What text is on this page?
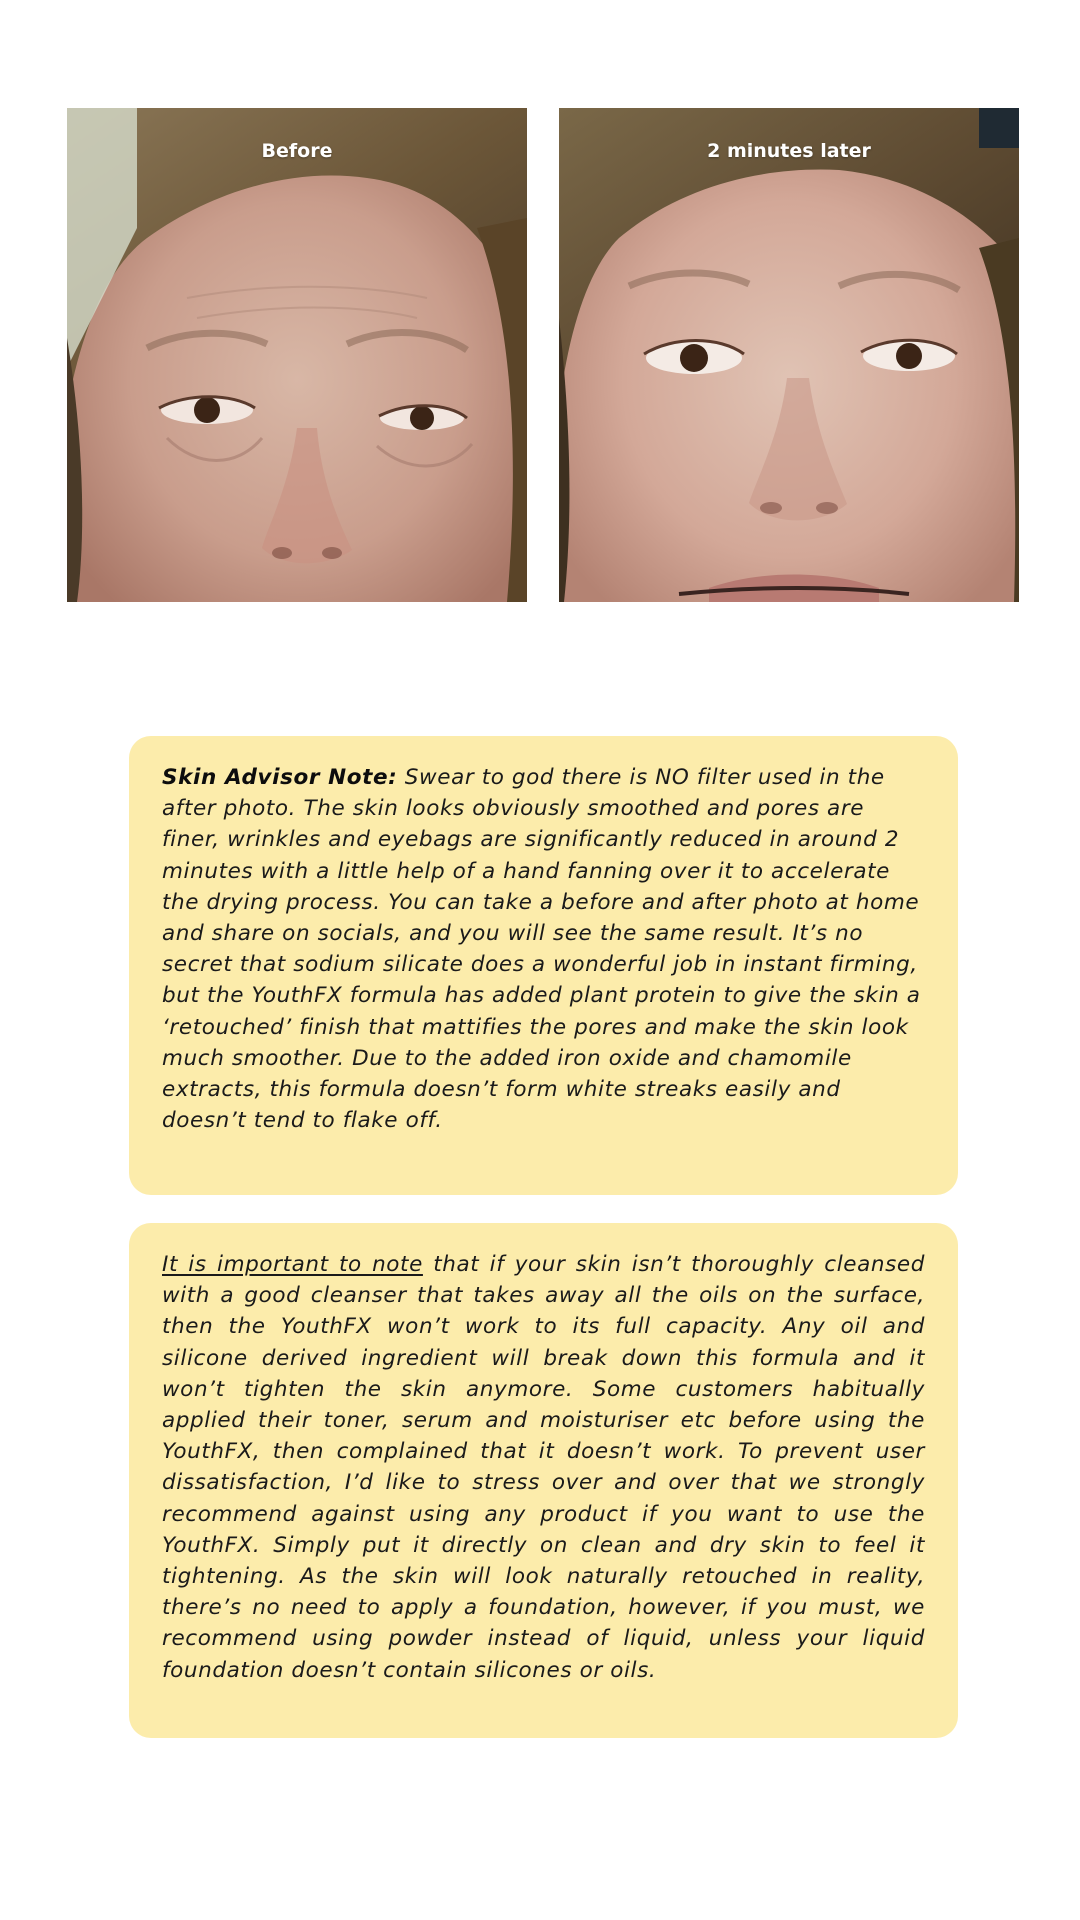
Before	2 minutes later
Skin Advisor Note: Swear to god there is NO filter used in the after photo. The skin looks obviously smoothed and pores are finer, wrinkles and eyebags are significantly reduced in around 2 minutes with a little help of a hand fanning over it to accelerate the drying process. You can take a before and after photo at home and share on socials, and you will see the same result. It’s no secret that sodium silicate does a wonderful job in instant firming, but the YouthFX formula has added plant protein to give the skin a ‘retouched’ finish that mattifies the pores and make the skin look much smoother. Due to the added iron oxide and chamomile extracts, this formula doesn’t form white streaks easily and doesn’t tend to flake off.
It is important to note that if your skin isn’t thoroughly cleansed with a good cleanser that takes away all the oils on the surface, then the YouthFX won’t work to its full capacity. Any oil and silicone derived ingredient will break down this formula and it won’t tighten the skin anymore. Some customers habitually applied their toner, serum and moisturiser etc before using the YouthFX, then complained that it doesn’t work. To prevent user dissatisfaction, I’d like to stress over and over that we strongly recommend against using any product if you want to use the YouthFX. Simply put it directly on clean and dry skin to feel it tightening. As the skin will look naturally retouched in reality, there’s no need to apply a foundation, however, if you must, we recommend using powder instead of liquid, unless your liquid foundation doesn’t contain silicones or oils.
